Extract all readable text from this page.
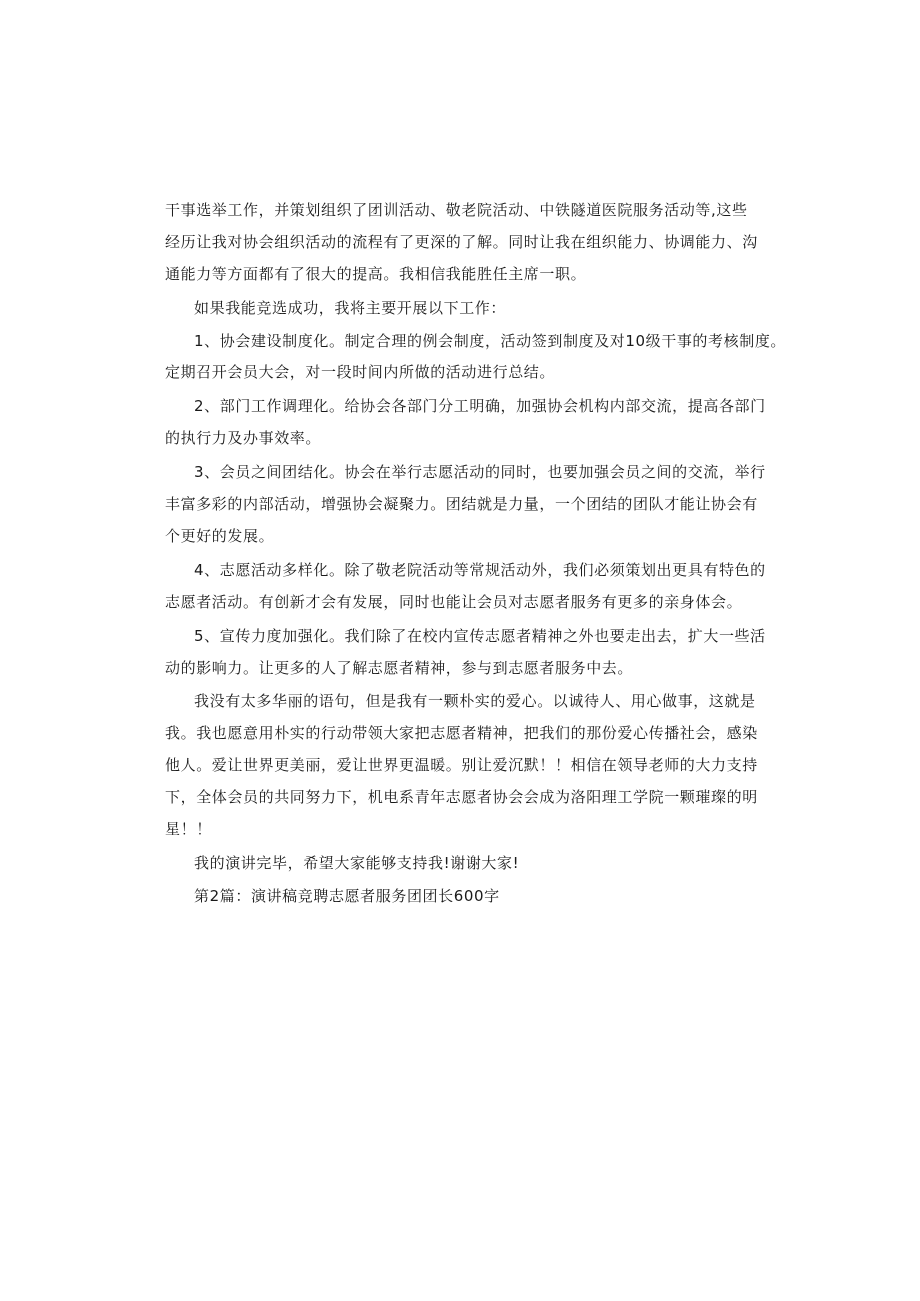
干事选举工作，并策划组织了团训活动、敬老院活动、中铁隧道医院服务活动等,这些
经历让我对协会组织活动的流程有了更深的了解。同时让我在组织能力、协调能力、沟
通能力等方面都有了很大的提高。我相信我能胜任主席一职。
如果我能竞选成功，我将主要开展以下工作：
1、协会建设制度化。制定合理的例会制度，活动签到制度及对10级干事的考核制度。
定期召开会员大会，对一段时间内所做的活动进行总结。
2、部门工作调理化。给协会各部门分工明确，加强协会机构内部交流，提高各部门
的执行力及办事效率。
3、会员之间团结化。协会在举行志愿活动的同时，也要加强会员之间的交流，举行
丰富多彩的内部活动，增强协会凝聚力。团结就是力量，一个团结的团队才能让协会有
个更好的发展。
4、志愿活动多样化。除了敬老院活动等常规活动外，我们必须策划出更具有特色的
志愿者活动。有创新才会有发展，同时也能让会员对志愿者服务有更多的亲身体会。
5、宣传力度加强化。我们除了在校内宣传志愿者精神之外也要走出去，扩大一些活
动的影响力。让更多的人了解志愿者精神，参与到志愿者服务中去。
我没有太多华丽的语句，但是我有一颗朴实的爱心。以诚待人、用心做事，这就是
我。我也愿意用朴实的行动带领大家把志愿者精神，把我们的那份爱心传播社会，感染
他人。爱让世界更美丽，爱让世界更温暖。别让爱沉默！！相信在领导老师的大力支持
下，全体会员的共同努力下，机电系青年志愿者协会会成为洛阳理工学院一颗璀璨的明
星！！
我的演讲完毕，希望大家能够支持我!谢谢大家!
第2篇：演讲稿竞聘志愿者服务团团长600字
